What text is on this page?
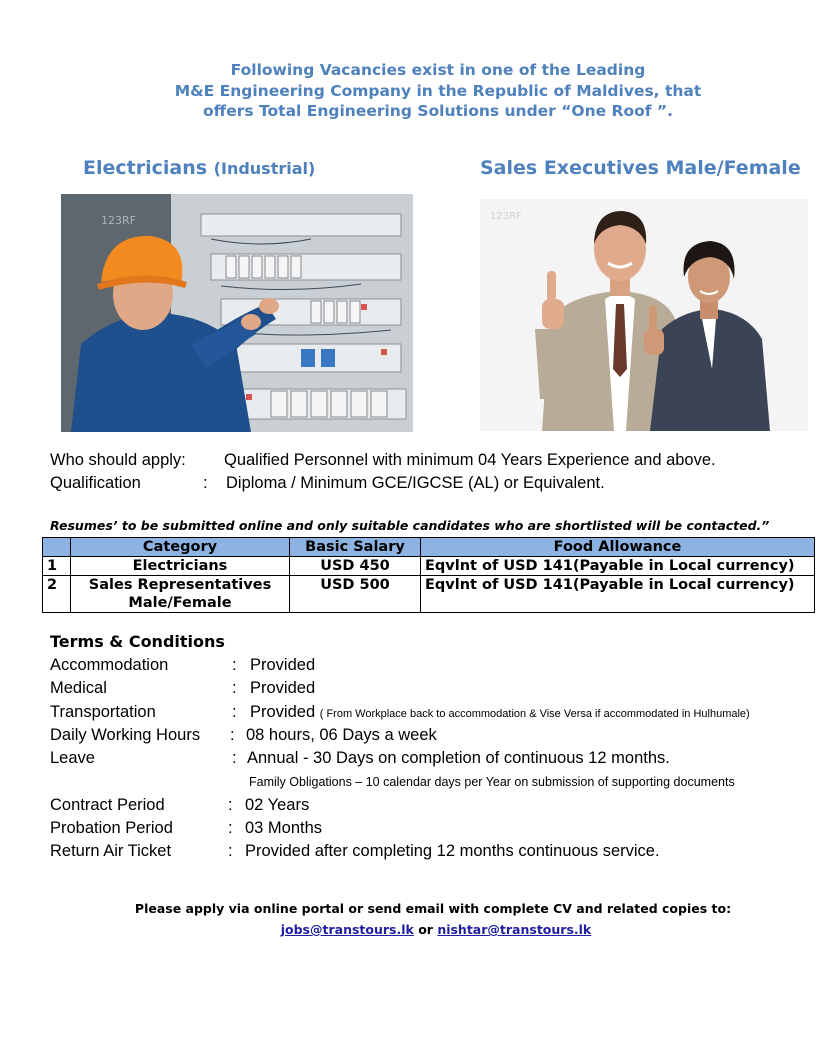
Following Vacancies exist in one of the Leading
M&E Engineering Company in the Republic of Maldives, that
offers Total Engineering Solutions under “One Roof ”.
Electricians (Industrial)	Sales Executives Male/Female
123RF	123RF
Who should apply: Qualified Personnel with minimum 04 Years Experience and above.
Qualification	: Diploma / Minimum GCE/IGCSE (AL) or Equivalent.
Resumes’ to be submitted online and only suitable candidates who are shortlisted will be contacted.”
	Category	Basic Salary	Food Allowance
1	Electricians	USD 450	Eqvlnt of USD 141(Payable in Local currency)
2	Sales Representatives Male/Female	USD 500	Eqvlnt of USD 141(Payable in Local currency)
Terms & Conditions
Accommodation	: Provided
Medical	: Provided
Transportation	: Provided ( From Workplace back to accommodation & Vise Versa if accommodated in Hulhumale)
Daily Working Hours : 08 hours, 06 Days a week
Leave	: Annual - 30 Days on completion of continuous 12 months.
Family Obligations – 10 calendar days per Year on submission of supporting documents
Contract Period	: 02 Years
Probation Period	: 03 Months
Return Air Ticket	: Provided after completing 12 months continuous service.
Please apply via online portal or send email with complete CV and related copies to:
jobs@transtours.lk or nishtar@transtours.lk
